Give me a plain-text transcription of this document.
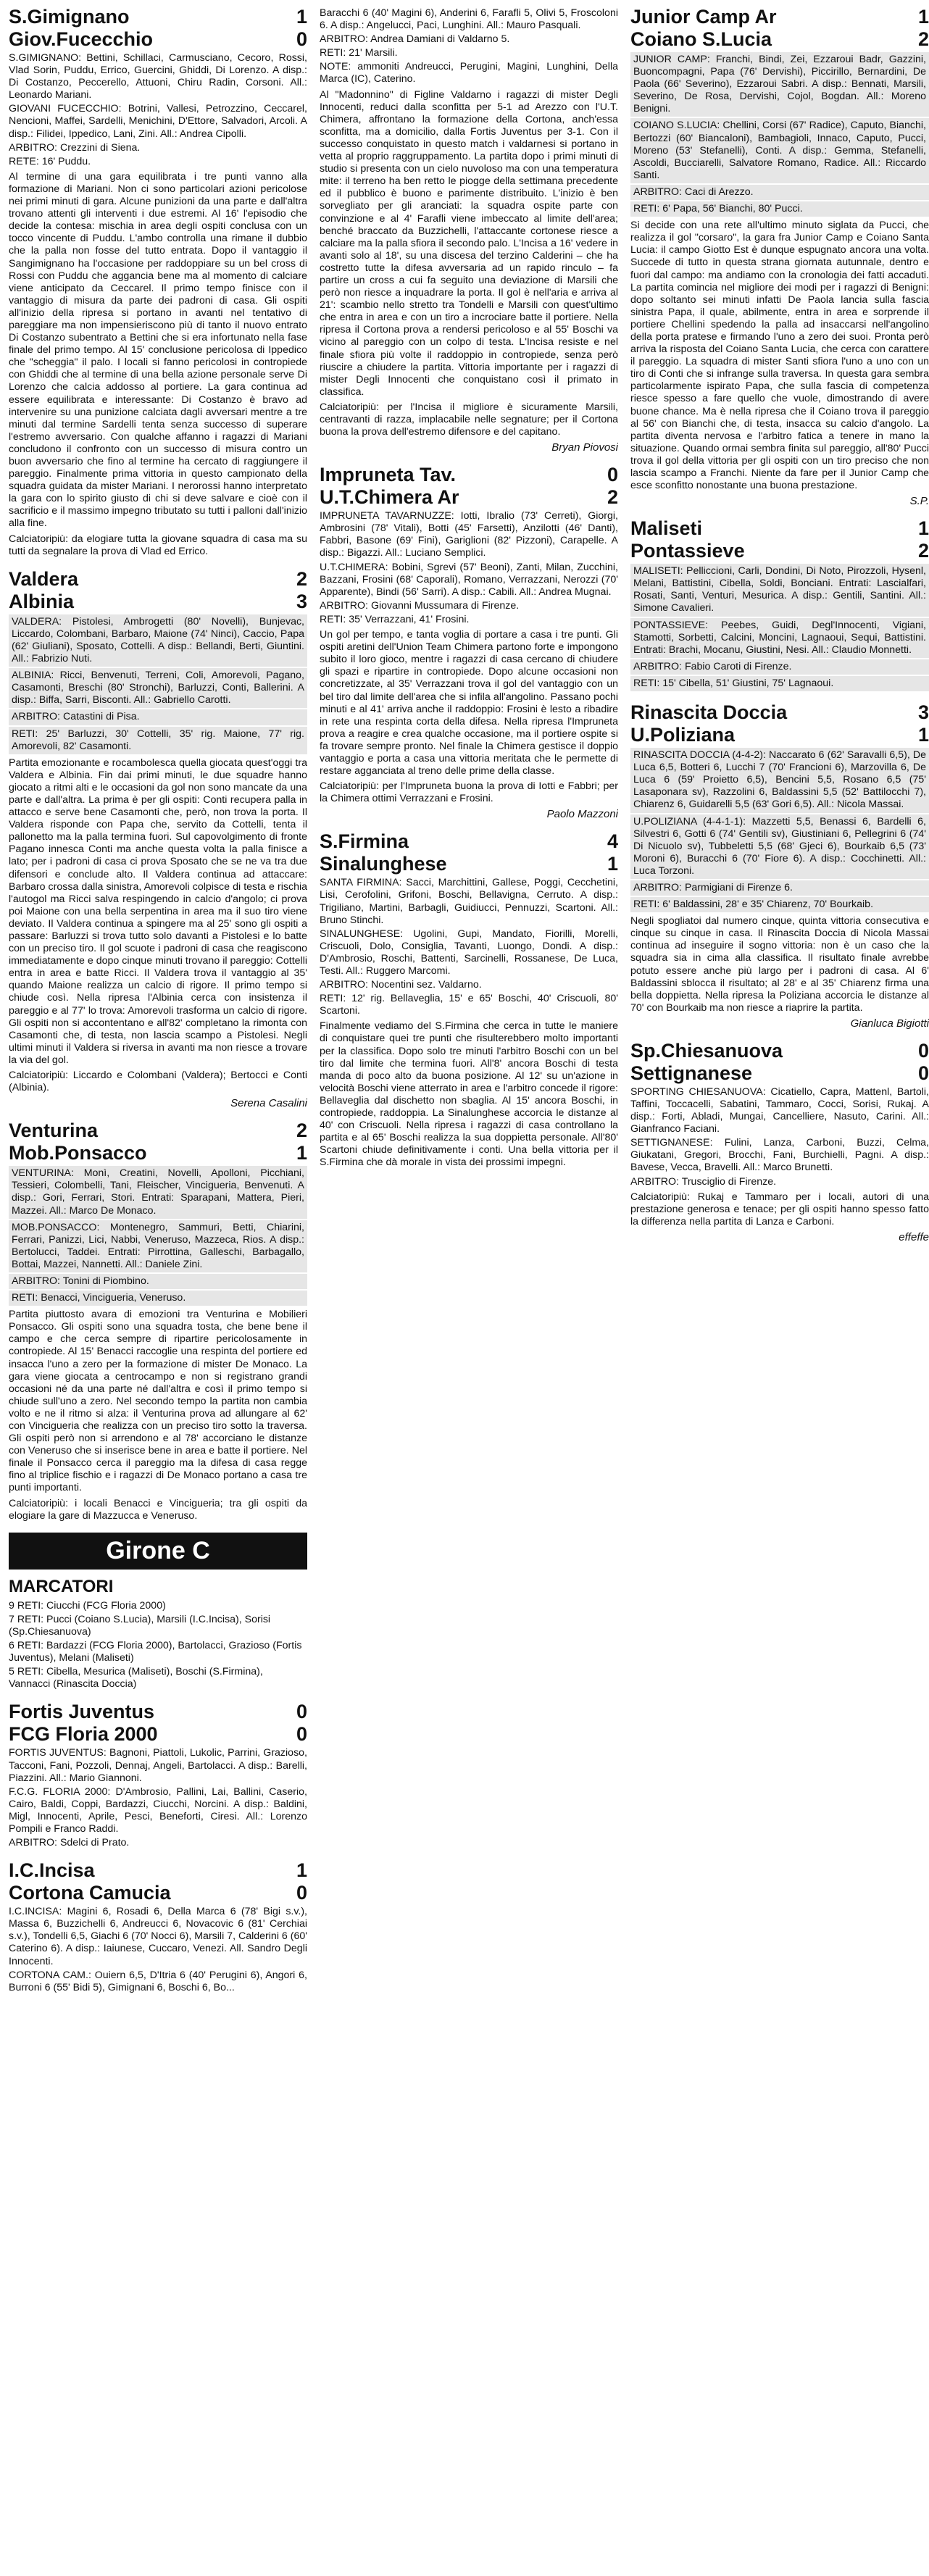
S.Gimignano	1
Giov.Fucecchio	0
S.GIMIGNANO: Bettini, Schillaci, Carmusciano, Cecoro, Rossi, Vlad Sorin, Puddu, Errico, Guercini, Ghiddi, Di Lorenzo. A disp.: Di Costanzo, Peccerello, Attuoni, Chiru Radin, Corsoni. All.: Leonardo Mariani.
GIOVANI FUCECCHIO: Botrini, Vallesi, Petrozzino, Ceccarel, Nencioni, Maffei, Sardelli, Menichini, D'Ettore, Salvadori, Arcoli. A disp.: Filidei, Ippedico, Lani, Zini. All.: Andrea Cipolli.
ARBITRO: Crezzini di Siena.
RETE: 16' Puddu.
Al termine di una gara equilibrata i tre punti vanno alla formazione di Mariani. Non ci sono particolari azioni pericolose nei primi minuti di gara. Alcune punizioni da una parte e dall'altra trovano attenti gli interventi i due estremi. Al 16' l'episodio che decide la contesa: mischia in area degli ospiti conclusa con un tocco vincente di Puddu. L'ambo controlla una rimane il dubbio che la palla non fosse del tutto entrata. Dopo il vantaggio il Sangimignano ha l'occasione per raddoppiare su un bel cross di Rossi con Puddu che aggancia bene ma al momento di calciare viene anticipato da Ceccarel. Il primo tempo finisce con il vantaggio di misura da parte dei padroni di casa. Gli ospiti all'inizio della ripresa si portano in avanti nel tentativo di pareggiare ma non impensieriscono più di tanto il nuovo entrato Di Costanzo subentrato a Bettini che si era infortunato nella fase finale del primo tempo. Al 15' conclusione pericolosa di Ippedico che "scheggia" il palo. I locali si fanno pericolosi in contropiede con Ghiddi che al termine di una bella azione personale serve Di Lorenzo che calcia addosso al portiere. La gara continua ad essere equilibrata e interessante: Di Costanzo è bravo ad intervenire su una punizione calciata dagli avversari mentre a tre minuti dal termine Sardelli tenta senza successo di superare l'estremo avversario. Con qualche affanno i ragazzi di Mariani concludono il confronto con un successo di misura contro un buon avversario che fino al termine ha cercato di raggiungere il pareggio. Finalmente prima vittoria in questo campionato della squadra guidata da mister Mariani. I nerorossi hanno interpretato la gara con lo spirito giusto di chi si deve salvare e cioè con il sacrificio e il massimo impegno tributato su tutti i palloni dall'inizio alla fine.
Calciatoripiù: da elogiare tutta la giovane squadra di casa ma su tutti da segnalare la prova di Vlad ed Errico.
Valdera	2
Albinia	3
VALDERA: Pistolesi, Ambrogetti (80' Novelli), Bunjevac, Liccardo, Colombani, Barbaro, Maione (74' Ninci), Caccio, Papa (62' Giuliani), Sposato, Cottelli. A disp.: Bellandi, Berti, Giuntini. All.: Fabrizio Nuti.
ALBINIA: Ricci, Benvenuti, Terreni, Coli, Amorevoli, Pagano, Casamonti, Breschi (80' Stronchi), Barluzzi, Conti, Ballerini. A disp.: Biffa, Sarri, Bisconti. All.: Gabriello Carotti.
ARBITRO: Catastini di Pisa.
RETI: 25' Barluzzi, 30' Cottelli, 35' rig. Maione, 77' rig. Amorevoli, 82' Casamonti.
Partita emozionante e rocambolesca quella giocata quest'oggi tra Valdera e Albinia. Fin dai primi minuti, le due squadre hanno giocato a ritmi alti e le occasioni da gol non sono mancate da una parte e dall'altra. La prima è per gli ospiti: Conti recupera palla in attacco e serve bene Casamonti che, però, non trova la porta. Il Valdera risponde con Papa che, servito da Cottelli, tenta il pallonetto ma la palla termina fuori. Sul capovolgimento di fronte Pagano innesca Conti ma anche questa volta la palla finisce a lato; per i padroni di casa ci prova Sposato che se ne va tra due difensori e conclude alto. Il Valdera continua ad attaccare: Barbaro crossa dalla sinistra, Amorevoli colpisce di testa e rischia l'autogol ma Ricci salva respingendo in calcio d'angolo; ci prova poi Maione con una bella serpentina in area ma il suo tiro viene deviato. Il Valdera continua a spingere ma al 25' sono gli ospiti a passare: Barluzzi si trova tutto solo davanti a Pistolesi e lo batte con un preciso tiro. Il gol scuote i padroni di casa che reagiscono immediatamente e dopo cinque minuti trovano il pareggio: Cottelli entra in area e batte Ricci. Il Valdera trova il vantaggio al 35' quando Maione realizza un calcio di rigore. Il primo tempo si chiude così. Nella ripresa l'Albinia cerca con insistenza il pareggio e al 77' lo trova: Amorevoli trasforma un calcio di rigore. Gli ospiti non si accontentano e all'82' completano la rimonta con Casamonti che, di testa, non lascia scampo a Pistolesi. Negli ultimi minuti il Valdera si riversa in avanti ma non riesce a trovare la via del gol.
Calciatoripiù: Liccardo e Colombani (Valdera); Bertocci e Conti (Albinia).
Serena Casalini
Venturina	2
Mob.Ponsacco	1
VENTURINA: Monì, Creatini, Novelli, Apolloni, Picchiani, Tessieri, Colombelli, Tani, Fleischer, Vincigueria, Benvenuti. A disp.: Gori, Ferrari, Stori. Entrati: Sparapani, Mattera, Pieri, Mazzei. All.: Marco De Monaco.
MOB.PONSACCO: Montenegro, Sammuri, Betti, Chiarini, Ferrari, Panizzi, Lici, Nabbi, Veneruso, Mazzeca, Rios. A disp.: Bertolucci, Taddei. Entrati: Pirrottina, Galleschi, Barbagallo, Bottai, Mazzei, Nannetti. All.: Daniele Zini.
ARBITRO: Tonini di Piombino.
RETI: Benacci, Vincigueria, Veneruso.
Partita piuttosto avara di emozioni tra Venturina e Mobilieri Ponsacco. Gli ospiti sono una squadra tosta, che bene bene il campo e che cerca sempre di ripartire pericolosamente in contropiede. Al 15' Benacci raccoglie una respinta del portiere ed insacca l'uno a zero per la formazione di mister De Monaco. La gara viene giocata a centrocampo e non si registrano grandi occasioni né da una parte né dall'altra e così il primo tempo si chiude sull'uno a zero. Nel secondo tempo la partita non cambia volto e ne il ritmo si alza: il Venturina prova ad allungare al 62' con Vincigueria che realizza con un preciso tiro sotto la traversa. Gli ospiti però non si arrendono e al 78' accorciano le distanze con Veneruso che si inserisce bene in area e batte il portiere. Nel finale il Ponsacco cerca il pareggio ma la difesa di casa regge fino al triplice fischio e i ragazzi di De Monaco portano a casa tre punti importanti.
Calciatoripiù: i locali Benacci e Vincigueria; tra gli ospiti da elogiare la gare di Mazzucca e Veneruso.
Girone C
MARCATORI
9 RETI: Ciucchi (FCG Floria 2000)
7 RETI: Pucci (Coiano S.Lucia), Marsili (I.C.Incisa), Sorisi (Sp.Chiesanuova)
6 RETI: Bardazzi (FCG Floria 2000), Bartolacci, Grazioso (Fortis Juventus), Melani (Maliseti)
5 RETI: Cibella, Mesurica (Maliseti), Boschi (S.Firmina), Vannacci (Rinascita Doccia)
Fortis Juventus	0
FCG Floria 2000	0
FORTIS JUVENTUS: Bagnoni, Piattoli, Lukolic, Parrini, Grazioso, Tacconi, Fani, Pozzoli, Dennaj, Angeli, Bartolacci. A disp.: Barelli, Piazzini. All.: Mario Giannoni.
F.C.G. FLORIA 2000: D'Ambrosio, Pallini, Lai, Ballini, Caserio, Cairo, Baldi, Coppi, Bardazzi, Ciucchi, Norcini. A disp.: Baldini, Migl, Innocenti, Aprile, Pesci, Beneforti, Ciresi. All.: Lorenzo Pompili e Franco Raddi.
ARBITRO: Sdelci di Prato.
I.C.Incisa	1
Cortona Camucia	0
I.C.INCISA: Magini 6, Rosadi 6, Della Marca 6 (78' Bigi s.v.), Massa 6, Buzzichelli 6, Andreucci 6, Novacovic 6 (81' Cerchiai s.v.), Tondelli 6,5, Giachi 6 (70' Nocci 6), Marsili 7, Calderini 6 (60' Caterino 6). A disp.: Iaiunese, Cuccaro, Venezi. All. Sandro Degli Innocenti.
CORTONA CAM.: Ouiern 6,5, D'Itria 6 (40' Perugini 6), Angori 6, Burroni 6 (55' Bidi 5), Gimignani 6, Boschi 6, Bo...
Baracchi 6 (40' Magini 6), Anderini 6, Farafli 5, Olivi 5, Froscoloni 6. A disp.: Angelucci, Paci, Lunghini. All.: Mauro Pasquali.
ARBITRO: Andrea Damiani di Valdarno 5.
RETI: 21' Marsili.
NOTE: ammoniti Andreucci, Perugini, Magini, Lunghini, Della Marca (IC), Caterino.
Al "Madonnino" di Figline Valdarno i ragazzi di mister Degli Innocenti, reduci dalla sconfitta per 5-1 ad Arezzo con l'U.T. Chimera, affrontano la formazione della Cortona, anch'essa sconfitta, ma a domicilio, dalla Fortis Juventus per 3-1. Con il successo conquistato in questo match i valdarnesi si portano in vetta al proprio raggruppamento. La partita dopo i primi minuti di studio si presenta con un cielo nuvoloso ma con una temperatura mite: il terreno ha ben retto le piogge della settimana precedente ed il pubblico è buono e parimente distribuito. L'inizio è ben sorvegliato per gli aranciati: la squadra ospite parte con convinzione e al 4' Farafli viene imbeccato al limite dell'area; benché braccato da Buzzichelli, l'attaccante cortonese riesce a calciare ma la palla sfiora il secondo palo. L'Incisa a 16' vedere in avanti solo al 18', su una discesa del terzino Calderini – che ha costretto tutte la difesa avversaria ad un rapido rinculo – fa partire un cross a cui fa seguito una deviazione di Marsili che però non riesce a inquadrare la porta. Il gol è nell'aria e arriva al 21': scambio nello stretto tra Tondelli e Marsili con quest'ultimo che entra in area e con un tiro a incrociare batte il portiere. Nella ripresa il Cortona prova a rendersi pericoloso e al 55' Boschi va vicino al pareggio con un colpo di testa. L'Incisa resiste e nel finale sfiora più volte il raddoppio in contropiede, senza però riuscire a chiudere la partita. Vittoria importante per i ragazzi di mister Degli Innocenti che conquistano così il primato in classifica.
Calciatoripiù: per l'Incisa il migliore è sicuramente Marsili, centravanti di razza, implacabile nelle segnature; per il Cortona buona la prova dell'estremo difensore e del capitano.
Bryan Piovosi
Impruneta Tav.	0
U.T.Chimera Ar	2
IMPRUNETA TAVARNUZZE: Iotti, Ibralio (73' Cerreti), Giorgi, Ambrosini (78' Vitali), Botti (45' Farsetti), Anzilotti (46' Danti), Fabbri, Basone (69' Fini), Gariglioni (82' Pizzoni), Carapelle. A disp.: Bigazzi. All.: Luciano Semplici.
U.T.CHIMERA: Bobini, Sgrevi (57' Beoni), Zanti, Milan, Zucchini, Bazzani, Frosini (68' Caporali), Romano, Verrazzani, Nerozzi (70' Apparente), Bindi (56' Sarri). A disp.: Cabili. All.: Andrea Mugnai.
ARBITRO: Giovanni Mussumara di Firenze.
RETI: 35' Verrazzani, 41' Frosini.
Un gol per tempo, e tanta voglia di portare a casa i tre punti. Gli ospiti aretini dell'Union Team Chimera partono forte e impongono subito il loro gioco, mentre i ragazzi di casa cercano di chiudere gli spazi e ripartire in contropiede. Dopo alcune occasioni non concretizzate, al 35' Verrazzani trova il gol del vantaggio con un bel tiro dal limite dell'area che si infila all'angolino. Passano pochi minuti e al 41' arriva anche il raddoppio: Frosini è lesto a ribadire in rete una respinta corta della difesa. Nella ripresa l'Impruneta prova a reagire e crea qualche occasione, ma il portiere ospite si fa trovare sempre pronto. Nel finale la Chimera gestisce il doppio vantaggio e porta a casa una vittoria meritata che le permette di restare agganciata al treno delle prime della classe.
Calciatoripiù: per l'Impruneta buona la prova di Iotti e Fabbri; per la Chimera ottimi Verrazzani e Frosini.
Paolo Mazzoni
S.Firmina	4
Sinalunghese	1
SANTA FIRMINA: Sacci, Marchittini, Gallese, Poggi, Cecchetini, Lisi, Cerofolini, Grifoni, Boschi, Bellavigna, Cerruto. A disp.: Trigiliano, Martini, Barbagli, Guidiucci, Pennuzzi, Scartoni. All.: Bruno Stinchi.
SINALUNGHESE: Ugolini, Gupi, Mandato, Fiorilli, Morelli, Criscuoli, Dolo, Consiglia, Tavanti, Luongo, Dondi. A disp.: D'Ambrosio, Roschi, Battenti, Sarcinelli, Rossanese, De Luca, Testi. All.: Ruggero Marcomi.
ARBITRO: Nocentini sez. Valdarno.
RETI: 12' rig. Bellaveglia, 15' e 65' Boschi, 40' Criscuoli, 80' Scartoni.
Finalmente vediamo del S.Firmina che cerca in tutte le maniere di conquistare quei tre punti che risulterebbero molto importanti per la classifica. Dopo solo tre minuti l'arbitro Boschi con un bel tiro dal limite che termina fuori. All'8' ancora Boschi di testa manda di poco alto da buona posizione. Al 12' su un'azione in velocità Boschi viene atterrato in area e l'arbitro concede il rigore: Bellaveglia dal dischetto non sbaglia. Al 15' ancora Boschi, in contropiede, raddoppia. La Sinalunghese accorcia le distanze al 40' con Criscuoli. Nella ripresa i ragazzi di casa controllano la partita e al 65' Boschi realizza la sua doppietta personale. All'80' Scartoni chiude definitivamente i conti. Una bella vittoria per il S.Firmina che dà morale in vista dei prossimi impegni.
Junior Camp Ar	1
Coiano S.Lucia	2
JUNIOR CAMP: Franchi, Bindi, Zei, Ezzaroui Badr, Gazzini, Buoncompagni, Papa (76' Dervishi), Piccirillo, Bernardini, De Paola (66' Severino), Ezzaroui Sabri. A disp.: Bennati, Marsili, Severino, De Rosa, Dervishi, Cojol, Bogdan. All.: Moreno Benigni.
COIANO S.LUCIA: Chellini, Corsi (67' Radice), Caputo, Bianchi, Bertozzi (60' Biancaloni), Bambagioli, Innaco, Caputo, Pucci, Moreno (53' Stefanelli), Conti. A disp.: Gemma, Stefanelli, Ascoldi, Bucciarelli, Salvatore Romano, Radice. All.: Riccardo Santi.
ARBITRO: Caci di Arezzo.
RETI: 6' Papa, 56' Bianchi, 80' Pucci.
Si decide con una rete all'ultimo minuto siglata da Pucci, che realizza il gol "corsaro", la gara fra Junior Camp e Coiano Santa Lucia: il campo Giotto Est è dunque espugnato ancora una volta. Succede di tutto in questa strana giornata autunnale, dentro e fuori dal campo: ma andiamo con la cronologia dei fatti accaduti. La partita comincia nel migliore dei modi per i ragazzi di Benigni: dopo soltanto sei minuti infatti De Paola lancia sulla fascia sinistra Papa, il quale, abilmente, entra in area e sorprende il portiere Chellini spedendo la palla ad insaccarsi nell'angolino della porta pratese e firmando l'uno a zero dei suoi. Pronta però arriva la risposta del Coiano Santa Lucia, che cerca con carattere il pareggio. La squadra di mister Santi sfiora l'uno a uno con un tiro di Conti che si infrange sulla traversa. In questa gara sembra particolarmente ispirato Papa, che sulla fascia di competenza riesce spesso a fare quello che vuole, dimostrando di avere buone chance. Ma è nella ripresa che il Coiano trova il pareggio al 56' con Bianchi che, di testa, insacca su calcio d'angolo. La partita diventa nervosa e l'arbitro fatica a tenere in mano la situazione. Quando ormai sembra finita sul pareggio, all'80' Pucci trova il gol della vittoria per gli ospiti con un tiro preciso che non lascia scampo a Franchi. Niente da fare per il Junior Camp che esce sconfitto nonostante una buona prestazione.
S.P.
Maliseti	1
Pontassieve	2
MALISETI: Pelliccioni, Carli, Dondini, Di Noto, Pirozzoli, Hysenl, Melani, Battistini, Cibella, Soldi, Bonciani. Entrati: Lascialfari, Rosati, Santi, Venturi, Mesurica. A disp.: Gentili, Santini. All.: Simone Cavalieri.
PONTASSIEVE: Peebes, Guidi, Degl'Innocenti, Vigiani, Stamotti, Sorbetti, Calcini, Moncini, Lagnaoui, Sequi, Battistini. Entrati: Brachi, Mocanu, Giustini, Nesi. All.: Claudio Monnetti.
ARBITRO: Fabio Caroti di Firenze.
RETI: 15' Cibella, 51' Giustini, 75' Lagnaoui.
Rinascita Doccia	3
U.Poliziana	1
RINASCITA DOCCIA (4-4-2): Naccarato 6 (62' Saravalli 6,5), De Luca 6,5, Botteri 6, Lucchi 7 (70' Francioni 6), Marzovilla 6, De Luca 6 (59' Proietto 6,5), Bencini 5,5, Rosano 6,5 (75' Lasaponara sv), Razzolini 6, Baldassini 5,5 (52' Battilocchi 7), Chiarenz 6, Guidarelli 5,5 (63' Gori 6,5). All.: Nicola Massai.
U.POLIZIANA (4-4-1-1): Mazzetti 5,5, Benassi 6, Bardelli 6, Silvestri 6, Gotti 6 (74' Gentili sv), Giustiniani 6, Pellegrini 6 (74' Di Nicuolo sv), Tubbeletti 5,5 (68' Gjeci 6), Bourkaib 6,5 (73' Moroni 6), Buracchi 6 (70' Fiore 6). A disp.: Cocchinetti. All.: Luca Torzoni.
ARBITRO: Parmigiani di Firenze 6.
RETI: 6' Baldassini, 28' e 35' Chiarenz, 70' Bourkaib.
Negli spogliatoi dal numero cinque, quinta vittoria consecutiva e cinque su cinque in casa. Il Rinascita Doccia di Nicola Massai continua ad inseguire il sogno vittoria: non è un caso che la squadra sia in cima alla classifica. Il risultato finale avrebbe potuto essere anche più largo per i padroni di casa. Al 6' Baldassini sblocca il risultato; al 28' e al 35' Chiarenz firma una bella doppietta. Nella ripresa la Poliziana accorcia le distanze al 70' con Bourkaib ma non riesce a riaprire la partita.
Gianluca Bigiotti
Sp.Chiesanuova	0
Settignanese	0
SPORTING CHIESANUOVA: Cicatiello, Capra, Mattenl, Bartoli, Taffini, Toccacelli, Sabatini, Tammaro, Cocci, Sorisi, Rukaj. A disp.: Forti, Abladi, Mungai, Cancelliere, Nasuto, Carini. All.: Gianfranco Faciani.
SETTIGNANESE: Fulini, Lanza, Carboni, Buzzi, Celma, Giukatani, Gregori, Brocchi, Fani, Burchielli, Pagni. A disp.: Bavese, Vecca, Bravelli. All.: Marco Brunetti.
ARBITRO: Trusciglio di Firenze.
Calciatoripiù: Rukaj e Tammaro per i locali, autori di una prestazione generosa e tenace; per gli ospiti hanno spesso fatto la differenza nella partita di Lanza e Carboni.
effeffe
